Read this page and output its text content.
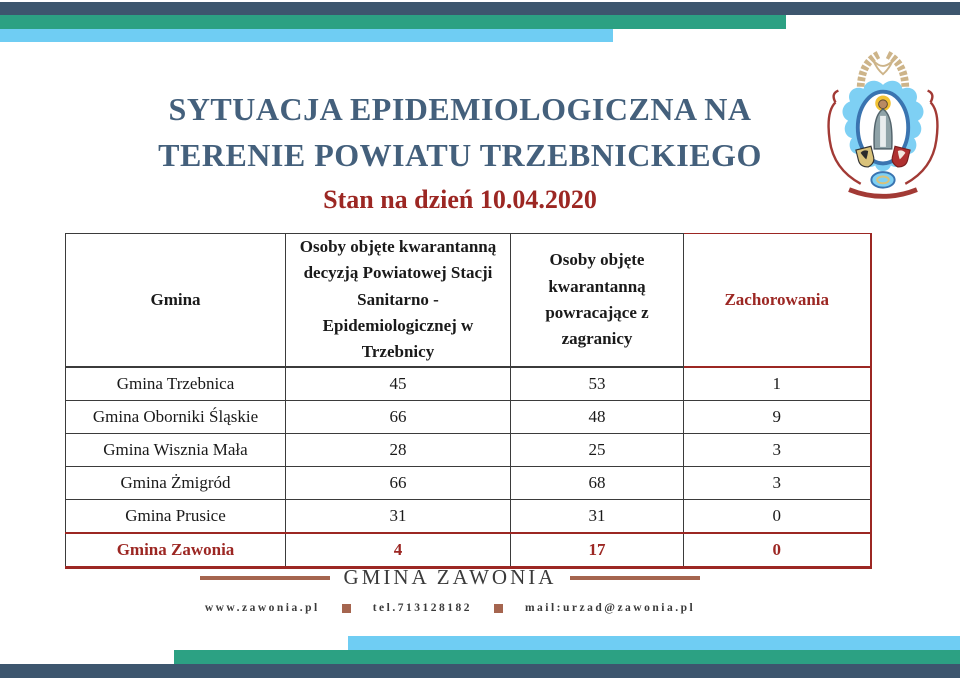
SYTUACJA EPIDEMIOLOGICZNA NA
TERENIE POWIATU TRZEBNICKIEGO
Stan na dzień 10.04.2020
Gmina	Osoby objęte kwarantanną decyzją Powiatowej Stacji Sanitarno -Epidemiologicznej w Trzebnicy	Osoby objęte kwarantanną powracające z zagranicy	Zachorowania
Gmina Trzebnica	45	53	1
Gmina Oborniki Śląskie	66	48	9
Gmina Wisznia Mała	28	25	3
Gmina Żmigród	66	68	3
Gmina Prusice	31	31	0
Gmina Zawonia	4	17	0
GMINA ZAWONIA
www.zawonia.pl	tel.713128182	mail:urzad@zawonia.pl
